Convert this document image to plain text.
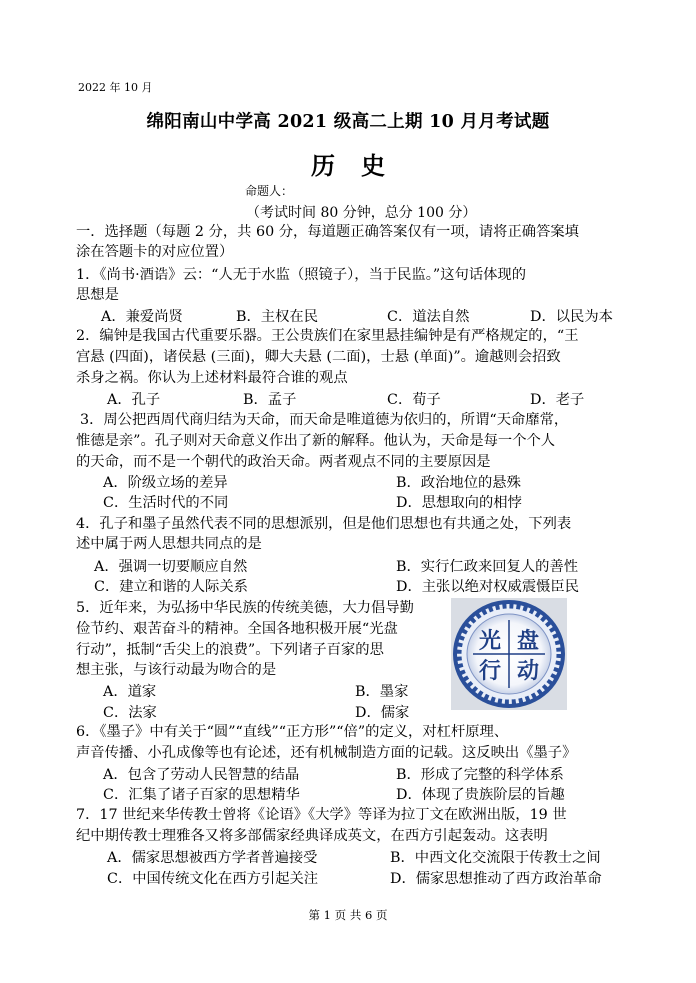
2022 年 10 月
绵阳南山中学高 2021 级高二上期 10 月月考试题
历史
命题人：
（考试时间 80 分钟，总分 100 分）
一．选择题（每题 2 分，共 60 分，每道题正确答案仅有一项，请将正确答案填
涂在答题卡的对应位置）
1．《尚书·酒诰》云：“人无于水监（照镜子），当于民监。”这句话体现的
思想是
A．兼爱尚贤	B．主权在民	C．道法自然	D．以民为本
2．编钟是我国古代重要乐器。王公贵族们在家里悬挂编钟是有严格规定的，“王
宫悬 (四面)，诸侯悬 (三面)，卿大夫悬 (二面)，士悬 (单面)”。逾越则会招致
杀身之祸。你认为上述材料最符合谁的观点
A．孔子	B．孟子	C．荀子	D．老子
3．周公把西周代商归结为天命，而天命是唯道德为依归的，所谓“天命靡常，
惟德是亲”。孔子则对天命意义作出了新的解释。他认为，天命是每一个个人
的天命，而不是一个朝代的政治天命。两者观点不同的主要原因是
A．阶级立场的差异	B．政治地位的悬殊
C．生活时代的不同	D．思想取向的相悖
4．孔子和墨子虽然代表不同的思想派别，但是他们思想也有共通之处，下列表
述中属于两人思想共同点的是
A．强调一切要顺应自然	B．实行仁政来回复人的善性
C．建立和谐的人际关系	D．主张以绝对权威震慑臣民
5．近年来，为弘扬中华民族的传统美德，大力倡导勤
俭节约、艰苦奋斗的精神。全国各地积极开展“光盘
行动”，抵制“舌尖上的浪费”。下列诸子百家的思
想主张，与该行动最为吻合的是
A．道家	B．墨家
C．法家	D．儒家
光 盘
行 动
6．《墨子》中有关于“圆”“直线”“正方形”“倍”的定义，对杠杆原理、
声音传播、小孔成像等也有论述，还有机械制造方面的记载。这反映出《墨子》
A．包含了劳动人民智慧的结晶	B．形成了完整的科学体系
C．汇集了诸子百家的思想精华	D．体现了贵族阶层的旨趣
7．17 世纪来华传教士曾将《论语》《大学》等译为拉丁文在欧洲出版，19 世
纪中期传教士理雅各又将多部儒家经典译成英文，在西方引起轰动。这表明
A．儒家思想被西方学者普遍接受	B．中西文化交流限于传教士之间
C．中国传统文化在西方引起关注	D．儒家思想推动了西方政治革命
第 1 页 共 6 页
